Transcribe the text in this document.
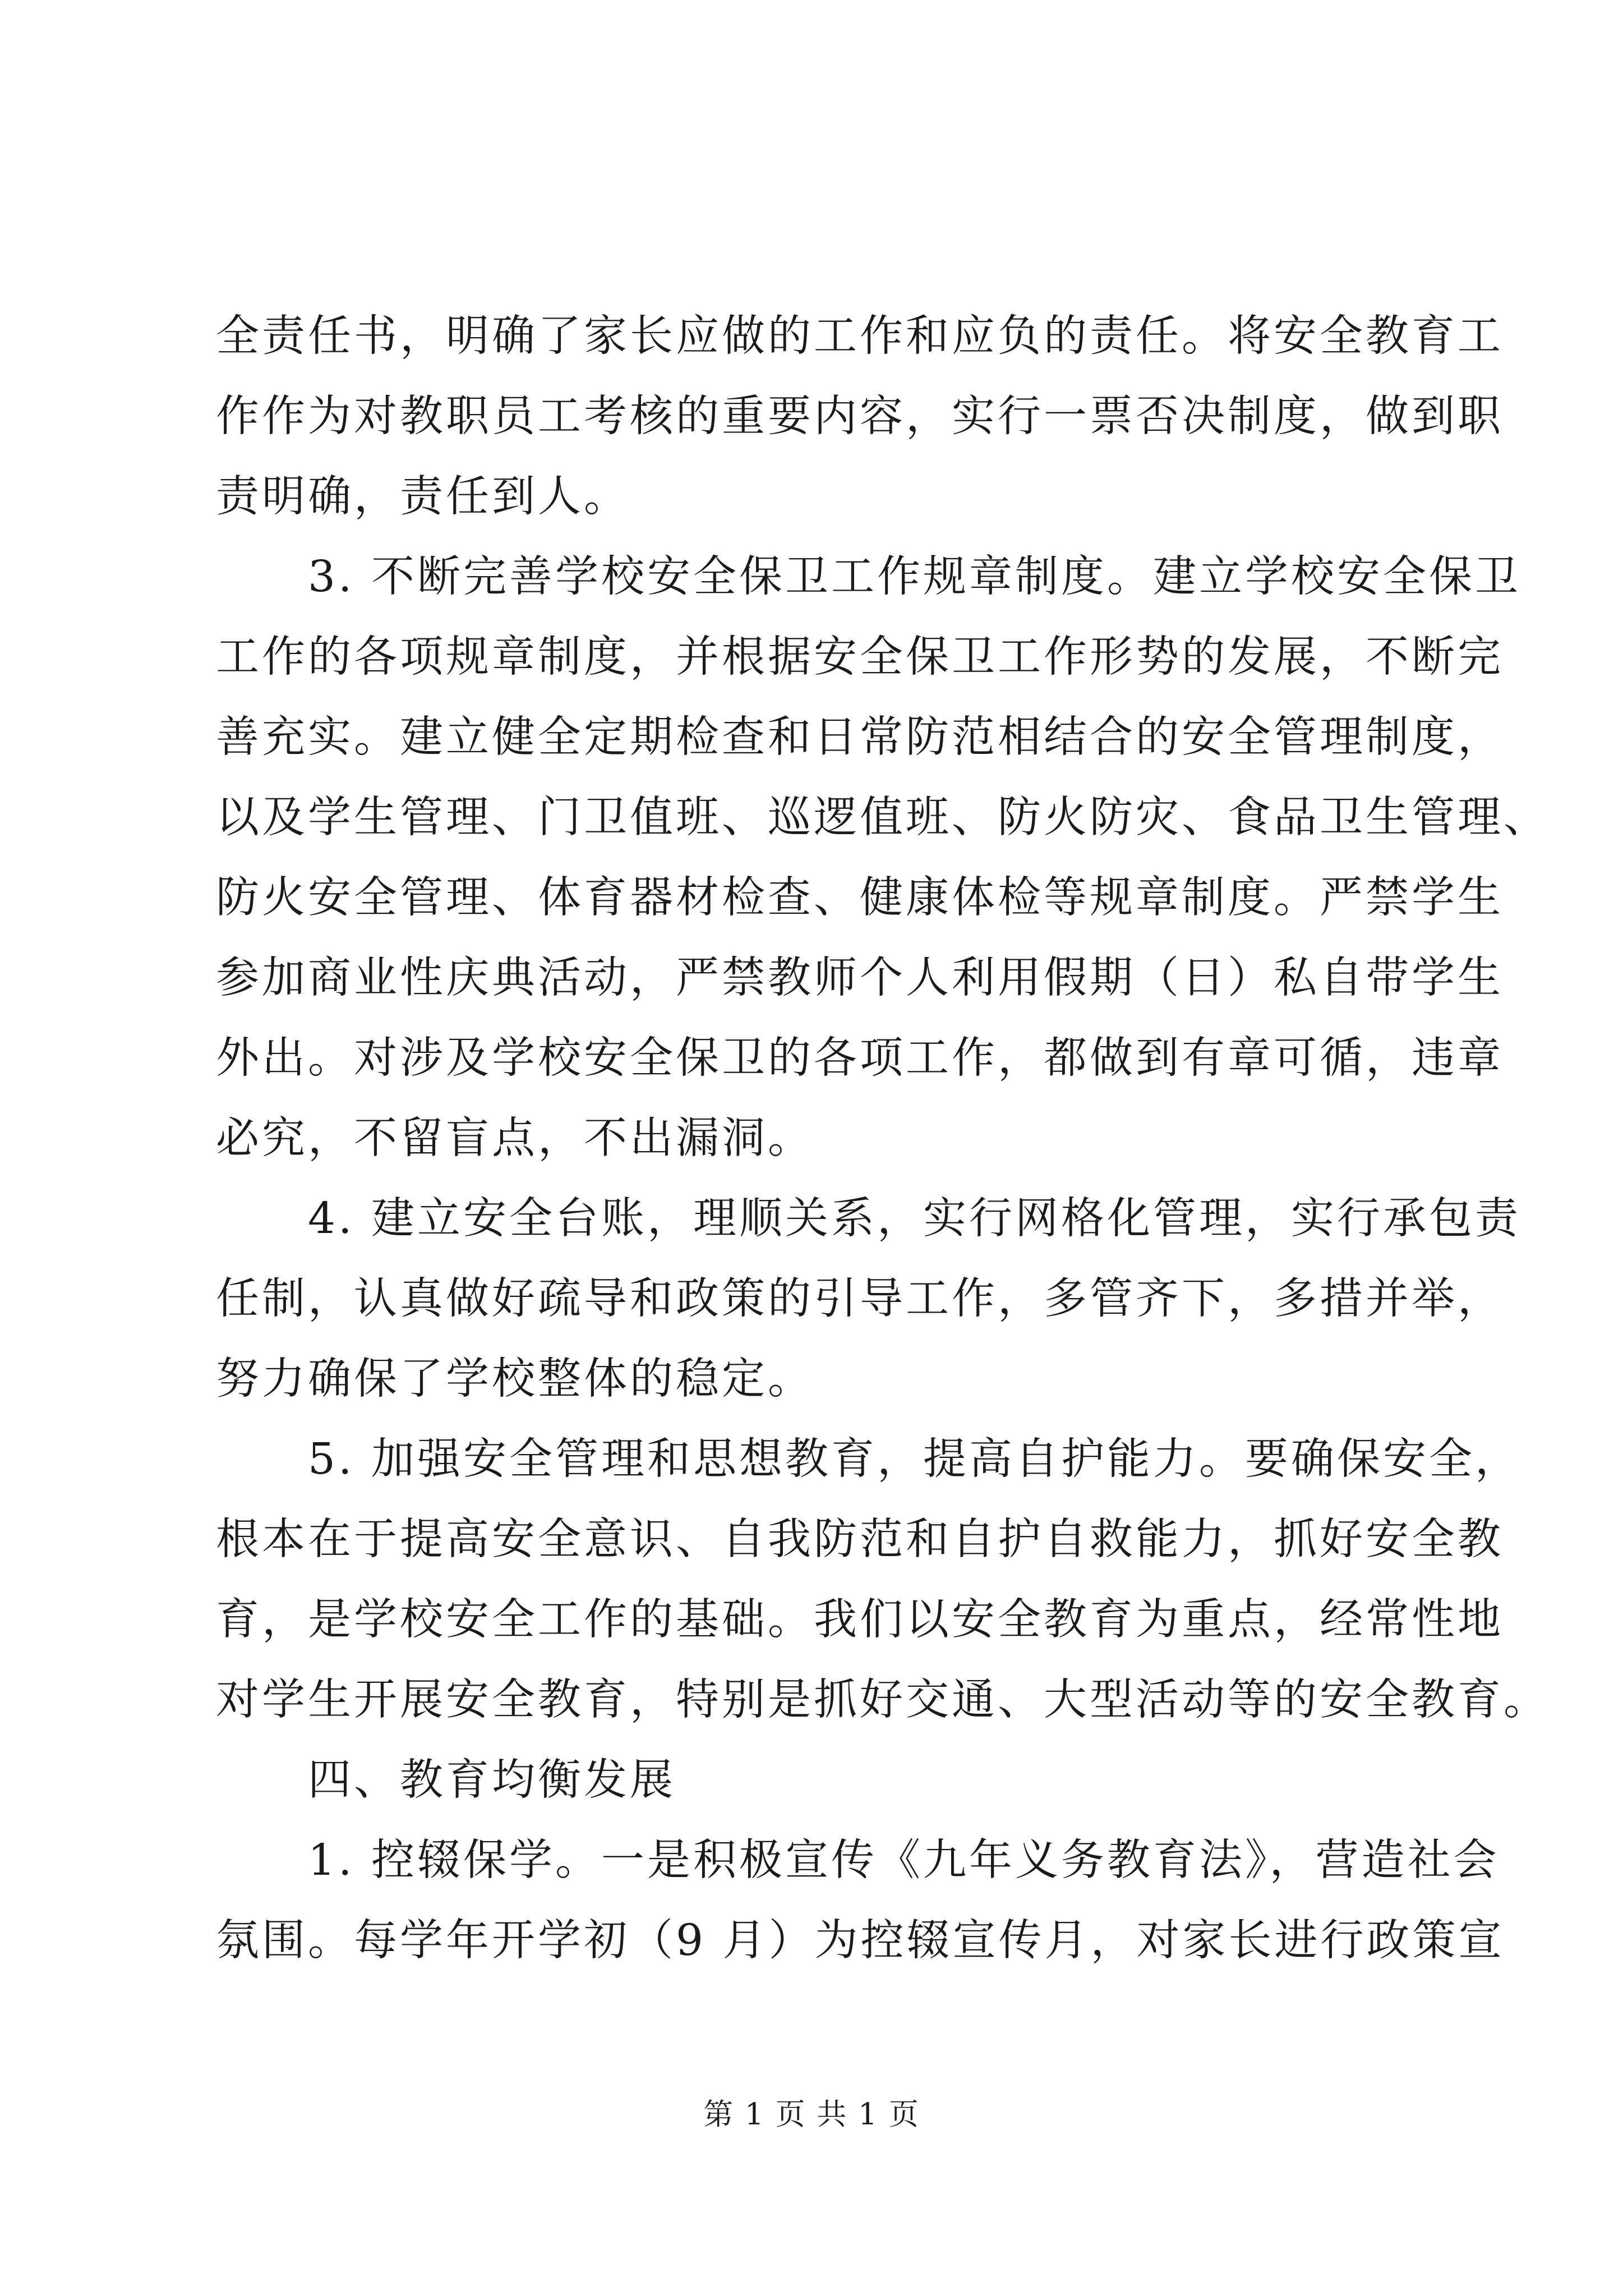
全责任书，明确了家长应做的工作和应负的责任。将安全教育工
作作为对教职员工考核的重要内容，实行一票否决制度，做到职
责明确，责任到人。
　　3. 不断完善学校安全保卫工作规章制度。建立学校安全保卫
工作的各项规章制度，并根据安全保卫工作形势的发展，不断完
善充实。建立健全定期检查和日常防范相结合的安全管理制度，
以及学生管理、门卫值班、巡逻值班、防火防灾、食品卫生管理、
防火安全管理、体育器材检查、健康体检等规章制度。严禁学生
参加商业性庆典活动，严禁教师个人利用假期（日）私自带学生
外出。对涉及学校安全保卫的各项工作，都做到有章可循，违章
必究，不留盲点，不出漏洞。
　　4. 建立安全台账，理顺关系，实行网格化管理，实行承包责
任制，认真做好疏导和政策的引导工作，多管齐下，多措并举，
努力确保了学校整体的稳定。
　　5. 加强安全管理和思想教育，提高自护能力。要确保安全，
根本在于提高安全意识、自我防范和自护自救能力，抓好安全教
育，是学校安全工作的基础。我们以安全教育为重点，经常性地
对学生开展安全教育，特别是抓好交通、大型活动等的安全教育。
　　四、教育均衡发展
　　1. 控辍保学。一是积极宣传《九年义务教育法》，营造社会
氛围。每学年开学初（9 月）为控辍宣传月，对家长进行政策宣
第 1 页 共 1 页
